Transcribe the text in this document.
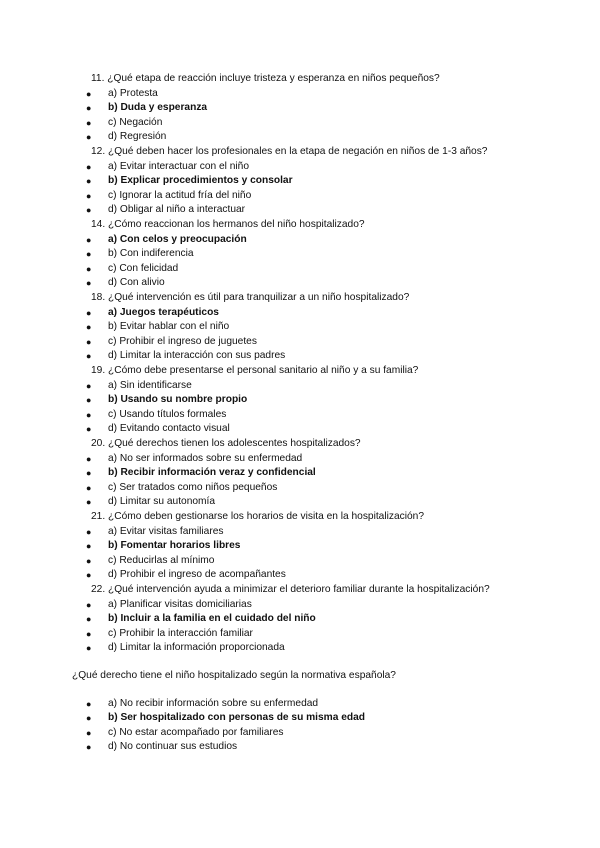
11. ¿Qué etapa de reacción incluye tristeza y esperanza en niños pequeños?
● a) Protesta
● b) Duda y esperanza
● c) Negación
● d) Regresión
12. ¿Qué deben hacer los profesionales en la etapa de negación en niños de 1-3 años?
● a) Evitar interactuar con el niño
● b) Explicar procedimientos y consolar
● c) Ignorar la actitud fría del niño
● d) Obligar al niño a interactuar
14. ¿Cómo reaccionan los hermanos del niño hospitalizado?
● a) Con celos y preocupación
● b) Con indiferencia
● c) Con felicidad
● d) Con alivio
18. ¿Qué intervención es útil para tranquilizar a un niño hospitalizado?
● a) Juegos terapéuticos
● b) Evitar hablar con el niño
● c) Prohibir el ingreso de juguetes
● d) Limitar la interacción con sus padres
19. ¿Cómo debe presentarse el personal sanitario al niño y a su familia?
● a) Sin identificarse
● b) Usando su nombre propio
● c) Usando títulos formales
● d) Evitando contacto visual
20. ¿Qué derechos tienen los adolescentes hospitalizados?
● a) No ser informados sobre su enfermedad
● b) Recibir información veraz y confidencial
● c) Ser tratados como niños pequeños
● d) Limitar su autonomía
21. ¿Cómo deben gestionarse los horarios de visita en la hospitalización?
● a) Evitar visitas familiares
● b) Fomentar horarios libres
● c) Reducirlas al mínimo
● d) Prohibir el ingreso de acompañantes
22. ¿Qué intervención ayuda a minimizar el deterioro familiar durante la hospitalización?
● a) Planificar visitas domiciliarias
● b) Incluir a la familia en el cuidado del niño
● c) Prohibir la interacción familiar
● d) Limitar la información proporcionada
¿Qué derecho tiene el niño hospitalizado según la normativa española?
● a) No recibir información sobre su enfermedad
● b) Ser hospitalizado con personas de su misma edad
● c) No estar acompañado por familiares
● d) No continuar sus estudios
